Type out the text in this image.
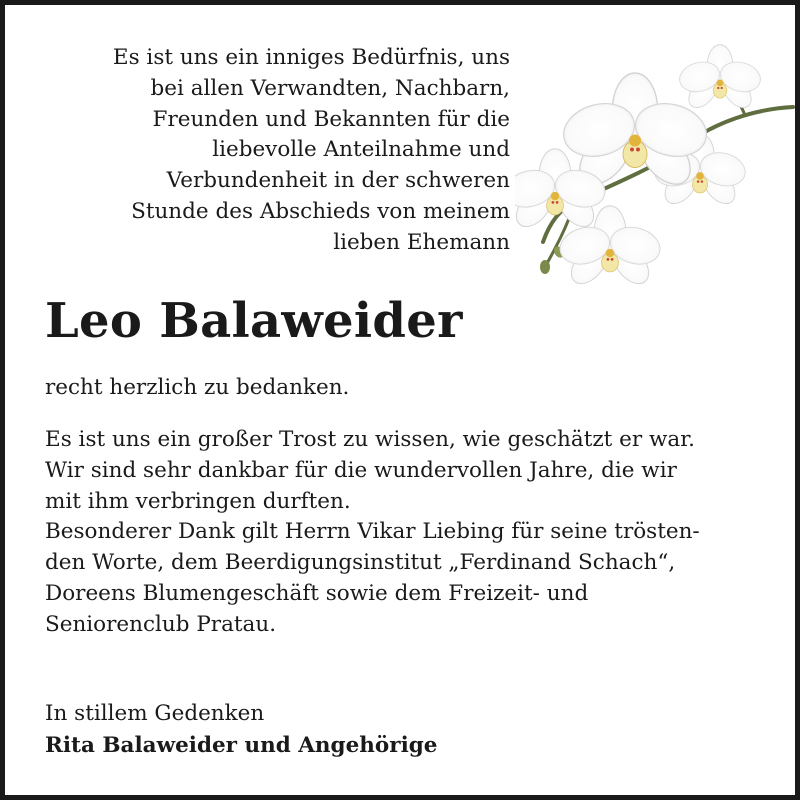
Es ist uns ein inniges Bedürfnis, uns
bei allen Verwandten, Nachbarn,
Freunden und Bekannten für die
liebevolle Anteilnahme und
Verbundenheit in der schweren
Stunde des Abschieds von meinem
lieben Ehemann
Leo Balaweider
recht herzlich zu bedanken.
Es ist uns ein großer Trost zu wissen, wie geschätzt er war.
Wir sind sehr dankbar für die wundervollen Jahre, die wir
mit ihm verbringen durften.
Besonderer Dank gilt Herrn Vikar Liebing für seine trösten-
den Worte, dem Beerdigungsinstitut „Ferdinand Schach“,
Doreens Blumengeschäft sowie dem Freizeit- und
Seniorenclub Pratau.
In stillem Gedenken
Rita Balaweider und Angehörige
